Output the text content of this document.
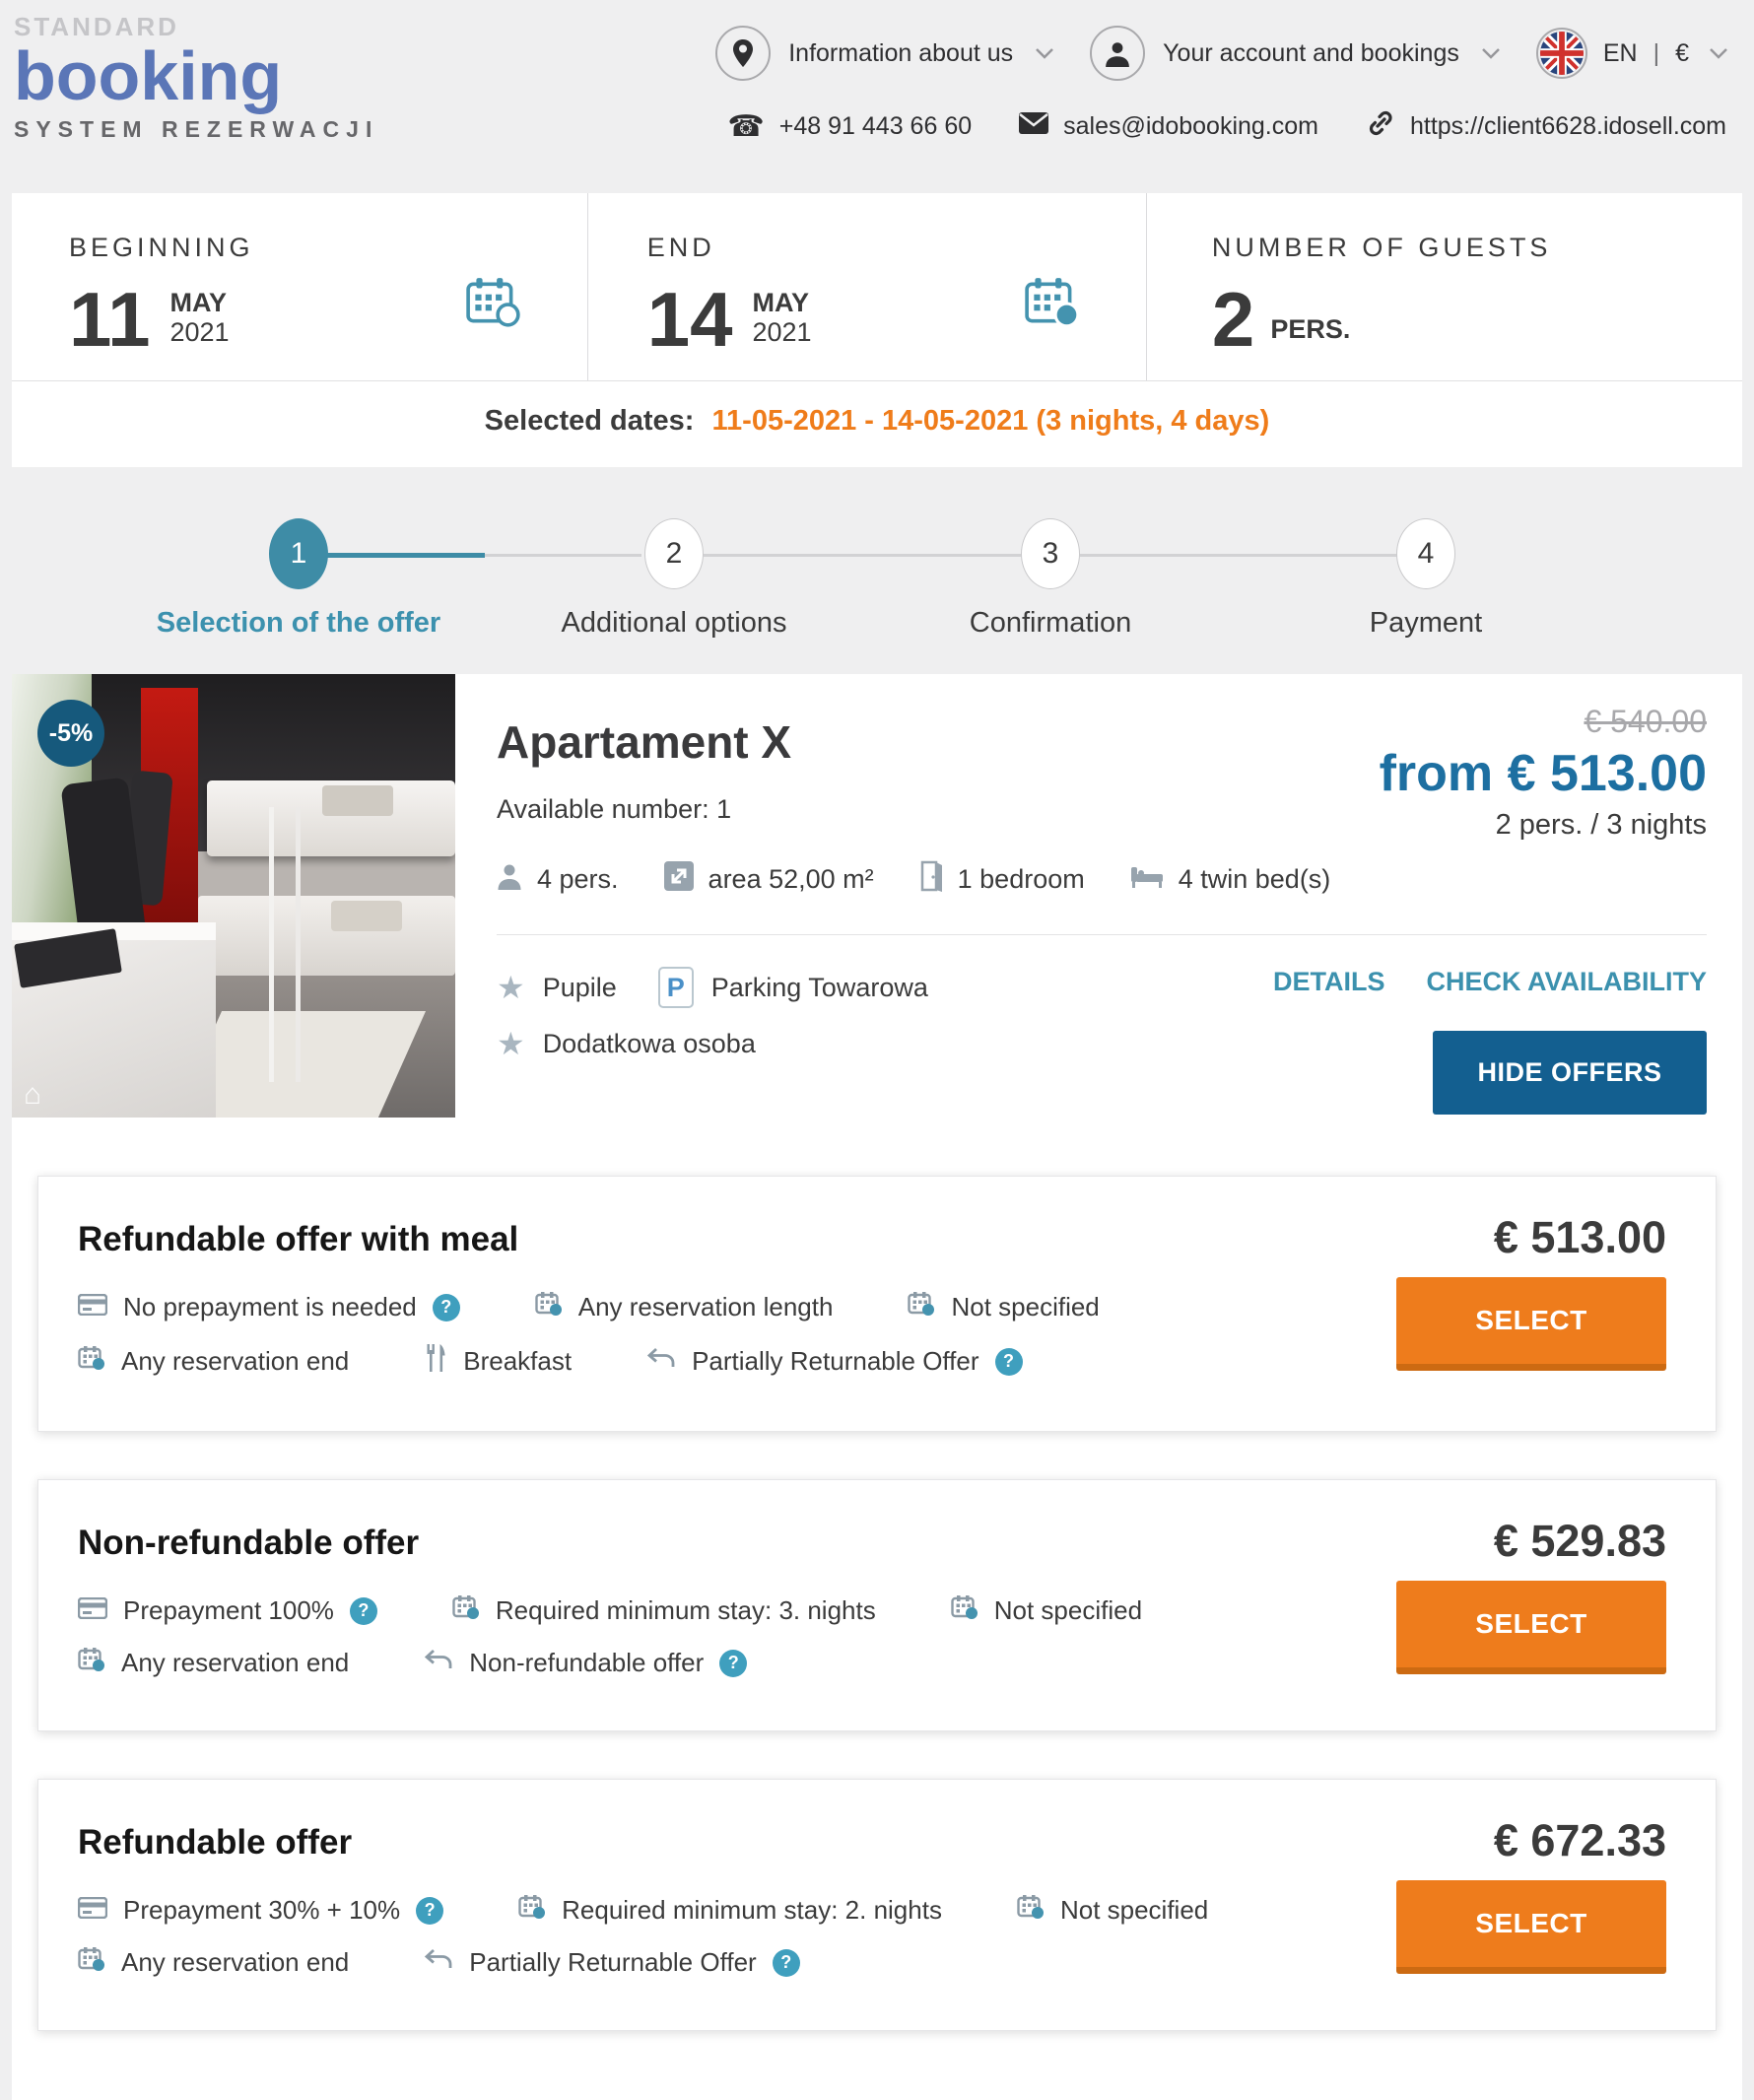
STANDARD
booking
SYSTEM REZERWACJI
Information about us	Your account and bookings	EN | €
☎ +48 91 443 66 60	sales@idobooking.com	https://client6628.idosell.com
BEGINNING
11 MAY
2021
END
14 MAY
2021
NUMBER OF GUESTS
2 PERS.
Selected dates: 11-05-2021 - 14-05-2021 (3 nights, 4 days)
1	2	3	4
Selection of the offer	Additional options	Confirmation	Payment
-5%
⌂
Apartament X
Available number: 1
4 pers.	area 52,00 m²	1 bedroom	4 twin bed(s)
€ 540.00
from € 513.00
2 pers. / 3 nights
★ Pupile	P	Parking Towarowa
★ Dodatkowa osoba
DETAILS CHECK AVAILABILITY
HIDE OFFERS
Refundable offer with meal	€ 513.00
No prepayment is needed	?	Any reservation length	Not specified
Any reservation end	Breakfast	Partially Returnable Offer	?
SELECT
Non-refundable offer	€ 529.83
Prepayment 100%	?	Required minimum stay: 3. nights	Not specified
Any reservation end	Non-refundable offer	?
SELECT
Refundable offer	€ 672.33
Prepayment 30% + 10%	?	Required minimum stay: 2. nights	Not specified
Any reservation end	Partially Returnable Offer	?
SELECT
